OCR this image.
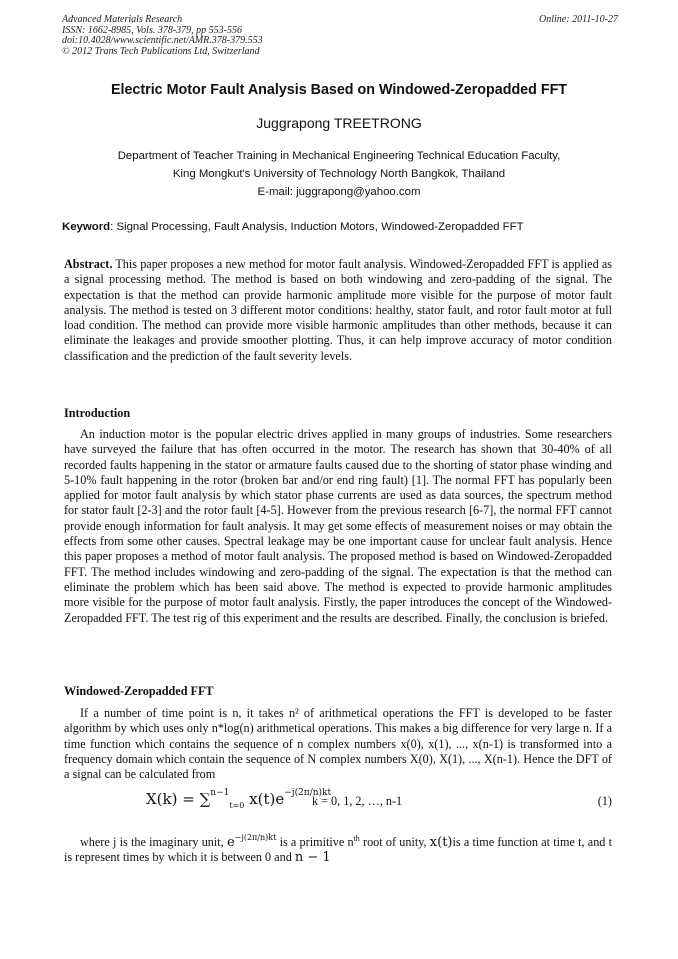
Advanced Materials Research
ISSN: 1662-8985, Vols. 378-379, pp 553-556
doi:10.4028/www.scientific.net/AMR.378-379.553
© 2012 Trans Tech Publications Ltd, Switzerland
Online: 2011-10-27
Electric Motor Fault Analysis Based on Windowed-Zeropadded FFT
Juggrapong TREETRONG
Department of Teacher Training in Mechanical Engineering Technical Education Faculty,
King Mongkut's University of Technology North Bangkok, Thailand
E-mail: juggrapong@yahoo.com
Keyword: Signal Processing, Fault Analysis, Induction Motors, Windowed-Zeropadded FFT
Abstract. This paper proposes a new method for motor fault analysis. Windowed-Zeropadded FFT is applied as a signal processing method. The method is based on both windowing and zero-padding of the signal. The expectation is that the method can provide harmonic amplitude more visible for the purpose of motor fault analysis. The method is tested on 3 different motor conditions: healthy, stator fault, and rotor fault motor at full load condition. The method can provide more visible harmonic amplitudes than other methods, because it can eliminate the leakages and provide smoother plotting. Thus, it can help improve accuracy of motor condition classification and the prediction of the fault severity levels.
Introduction
An induction motor is the popular electric drives applied in many groups of industries. Some researchers have surveyed the failure that has often occurred in the motor. The research has shown that 30-40% of all recorded faults happening in the stator or armature faults caused due to the shorting of stator phase winding and 5-10% fault happening in the rotor (broken bar and/or end ring fault) [1]. The normal FFT has popularly been applied for motor fault analysis by which stator phase currents are used as data sources, the spectrum method for stator fault [2-3] and the rotor fault [4-5]. However from the previous research [6-7], the normal FFT cannot provide enough information for fault analysis. It may get some effects of measurement noises or may obtain the effects from some other causes. Spectral leakage may be one important cause for unclear fault analysis. Hence this paper proposes a method of motor fault analysis. The proposed method is based on Windowed-Zeropadded FFT. The method includes windowing and zero-padding of the signal. The expectation is that the method can eliminate the problem which has been said above. The method is expected to provide harmonic amplitudes more visible for the purpose of motor fault analysis. Firstly, the paper introduces the concept of the Windowed-Zeropadded FFT. The test rig of this experiment and the results are described. Finally, the conclusion is briefed.
Windowed-Zeropadded FFT
If a number of time point is n, it takes n² of arithmetical operations the FFT is developed to be faster algorithm by which uses only n*log(n) arithmetical operations. This makes a big difference for very large n. If a time function which contains the sequence of n complex numbers x(0), x(1), ..., x(n-1) is transformed into a frequency domain which contain the sequence of N complex numbers X(0), X(1), ..., X(n-1). Hence the DFT of a signal can be calculated from
X(k) = ∑$^{n-1}_{t=0}$ $x(t)e^{-j(2\pi/n)kt}$
k = 0, 1, 2, …, n-1	(1)
where j is the imaginary unit, $e^{-j(2\pi/n)kt}$ is a primitive $n^{th}$ root of unity, x(t)is a time function at time t, and t is represent times by which it is between 0 and n − 1
